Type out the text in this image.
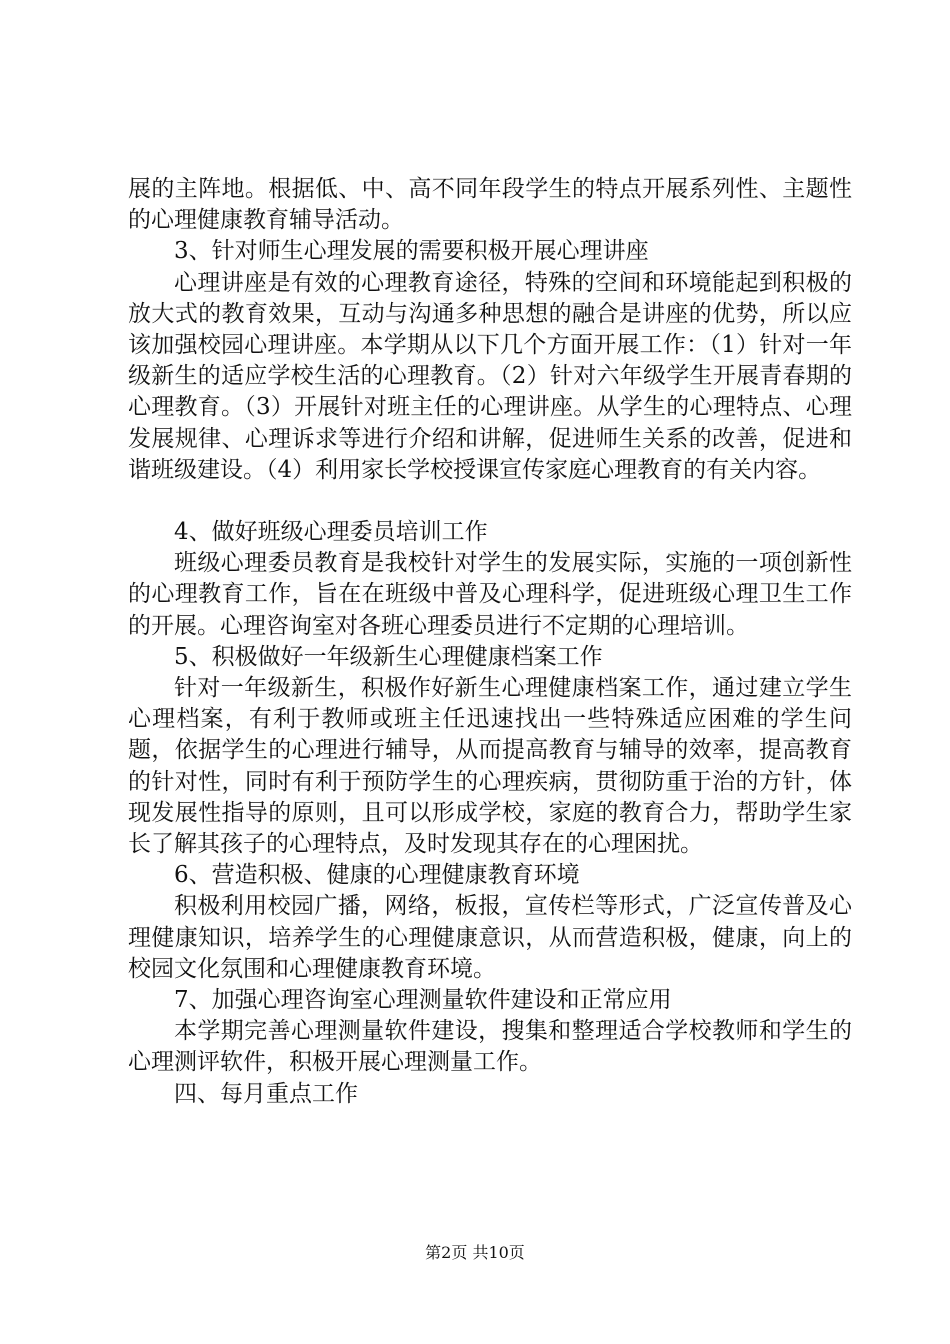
展的主阵地。根据低、中、高不同年段学生的特点开展系列性、主题性的心理健康教育辅导活动。

3、针对师生心理发展的需要积极开展心理讲座

心理讲座是有效的心理教育途径，特殊的空间和环境能起到积极的放大式的教育效果，互动与沟通多种思想的融合是讲座的优势，所以应该加强校园心理讲座。本学期从以下几个方面开展工作：（1）针对一年级新生的适应学校生活的心理教育。（2）针对六年级学生开展青春期的心理教育。（3）开展针对班主任的心理讲座。从学生的心理特点、心理发展规律、心理诉求等进行介绍和讲解，促进师生关系的改善，促进和谐班级建设。（4）利用家长学校授课宣传家庭心理教育的有关内容。

4、做好班级心理委员培训工作

班级心理委员教育是我校针对学生的发展实际，实施的一项创新性的心理教育工作，旨在在班级中普及心理科学，促进班级心理卫生工作的开展。心理咨询室对各班心理委员进行不定期的心理培训。

5、积极做好一年级新生心理健康档案工作

针对一年级新生，积极作好新生心理健康档案工作，通过建立学生心理档案，有利于教师或班主任迅速找出一些特殊适应困难的学生问题，依据学生的心理进行辅导，从而提高教育与辅导的效率，提高教育的针对性，同时有利于预防学生的心理疾病，贯彻防重于治的方针，体现发展性指导的原则，且可以形成学校，家庭的教育合力，帮助学生家长了解其孩子的心理特点，及时发现其存在的心理困扰。

6、营造积极、健康的心理健康教育环境

积极利用校园广播，网络，板报，宣传栏等形式，广泛宣传普及心理健康知识，培养学生的心理健康意识，从而营造积极，健康，向上的校园文化氛围和心理健康教育环境。

7、加强心理咨询室心理测量软件建设和正常应用

本学期完善心理测量软件建设，搜集和整理适合学校教师和学生的心理测评软件，积极开展心理测量工作。

四、每月重点工作

第2页 共10页
